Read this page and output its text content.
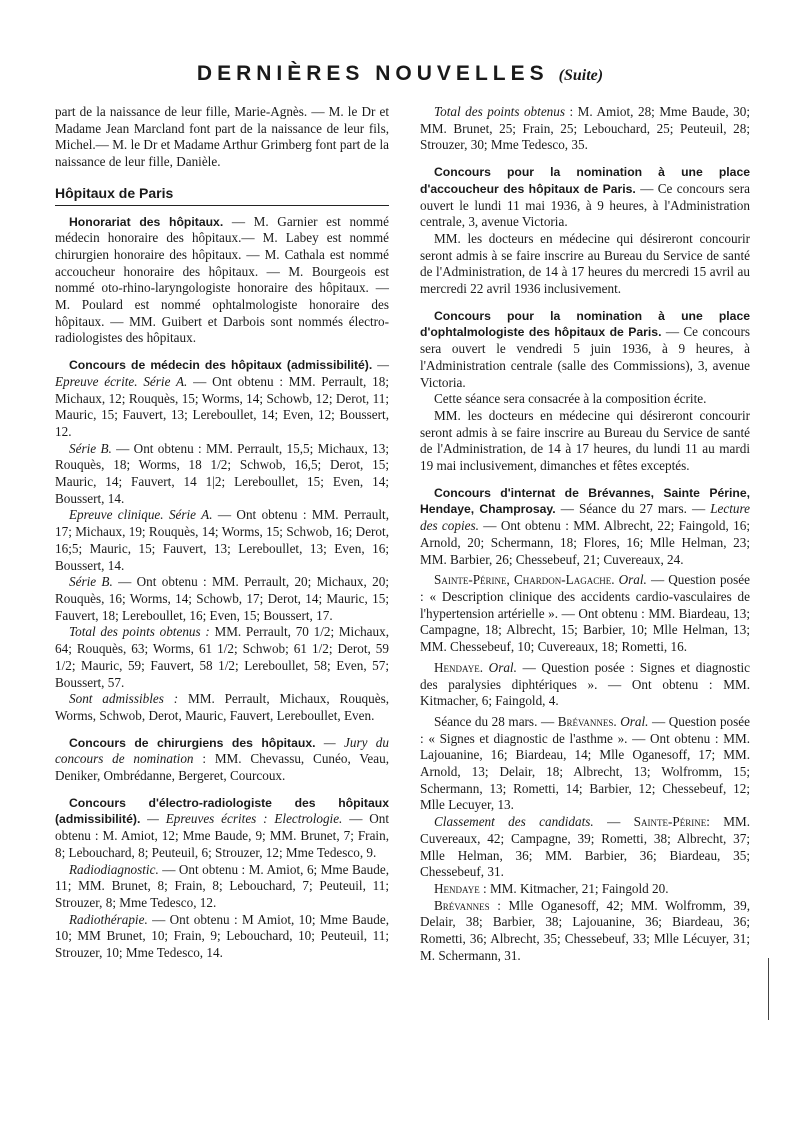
DERNIÈRES NOUVELLES (Suite)

part de la naissance de leur fille, Marie-Agnès. — M. le Dr et Madame Jean Marcland font part de la naissance de leur fils, Michel.— M. le Dr et Madame Arthur Grimberg font part de la naissance de leur fille, Danièle.

Hôpitaux de Paris

Honorariat des hôpitaux. — M. Garnier est nommé médecin honoraire des hôpitaux.— M. Labey est nommé chirurgien honoraire des hôpitaux. — M. Cathala est nommé accoucheur honoraire des hôpitaux. — M. Bourgeois est nommé oto-rhino-laryngologiste honoraire des hôpitaux. — M. Poulard est nommé ophtalmologiste honoraire des hôpitaux. — MM. Guibert et Darbois sont nommés électro-radiologistes des hôpitaux.

Concours de médecin des hôpitaux (admissibilité). — Epreuve écrite. Série A. — Ont obtenu : MM. Perrault, 18; Michaux, 12; Rouquès, 15; Worms, 14; Schowb, 12; Derot, 11; Mauric, 15; Fauvert, 13; Lereboullet, 14; Even, 12; Boussert, 12.

Série B. — Ont obtenu : MM. Perrault, 15,5; Michaux, 13; Rouquès, 18; Worms, 18 1/2; Schwob, 16,5; Derot, 15; Mauric, 14; Fauvert, 14 1|2; Lereboullet, 15; Even, 14; Boussert, 14.

Epreuve clinique. Série A. — Ont obtenu : MM. Perrault, 17; Michaux, 19; Rouquès, 14; Worms, 15; Schwob, 16; Derot, 16;5; Mauric, 15; Fauvert, 13; Lereboullet, 13; Even, 16; Boussert, 14.

Série B. — Ont obtenu : MM. Perrault, 20; Michaux, 20; Rouquès, 16; Worms, 14; Schowb, 17; Derot, 14; Mauric, 15; Fauvert, 18; Lereboullet, 16; Even, 15; Boussert, 17.

Total des points obtenus : MM. Perrault, 70 1/2; Michaux, 64; Rouquès, 63; Worms, 61 1/2; Schwob; 61 1/2; Derot, 59 1/2; Mauric, 59; Fauvert, 58 1/2; Lereboullet, 58; Even, 57; Boussert, 57.

Sont admissibles : MM. Perrault, Michaux, Rouquès, Worms, Schwob, Derot, Mauric, Fauvert, Lereboullet, Even.

Concours de chirurgiens des hôpitaux. — Jury du concours de nomination : MM. Chevassu, Cunéo, Veau, Deniker, Ombrédanne, Bergeret, Courcoux.

Concours d'électro-radiologiste des hôpitaux (admissibilité). — Epreuves écrites : Electrologie. — Ont obtenu : M. Amiot, 12; Mme Baude, 9; MM. Brunet, 7; Frain, 8; Lebouchard, 8; Peuteuil, 6; Strouzer, 12; Mme Tedesco, 9.

Radiodiagnostic. — Ont obtenu : M. Amiot, 6; Mme Baude, 11; MM. Brunet, 8; Frain, 8; Lebouchard, 7; Peuteuil, 11; Strouzer, 8; Mme Tedesco, 12.

Radiothérapie. — Ont obtenu : M Amiot, 10; Mme Baude, 10; MM Brunet, 10; Frain, 9; Lebouchard, 10; Peuteuil, 11; Strouzer, 10; Mme Tedesco, 14.

Total des points obtenus : M. Amiot, 28; Mme Baude, 30; MM. Brunet, 25; Frain, 25; Lebouchard, 25; Peuteuil, 28; Strouzer, 30; Mme Tedesco, 35.

Concours pour la nomination à une place d'accoucheur des hôpitaux de Paris. — Ce concours sera ouvert le lundi 11 mai 1936, à 9 heures, à l'Administration centrale, 3, avenue Victoria.

MM. les docteurs en médecine qui désireront concourir seront admis à se faire inscrire au Bureau du Service de santé de l'Administration, de 14 à 17 heures du mercredi 15 avril au mercredi 22 avril 1936 inclusivement.

Concours pour la nomination à une place d'ophtalmologiste des hôpitaux de Paris. — Ce concours sera ouvert le vendredi 5 juin 1936, à 9 heures, à l'Administration centrale (salle des Commissions), 3, avenue Victoria.

Cette séance sera consacrée à la composition écrite.

MM. les docteurs en médecine qui désireront concourir seront admis à se faire inscrire au Bureau du Service de santé de l'Administration, de 14 à 17 heures, du lundi 11 au mardi 19 mai inclusivement, dimanches et fêtes exceptés.

Concours d'internat de Brévannes, Sainte Périne, Hendaye, Champrosay. — Séance du 27 mars. — Lecture des copies. — Ont obtenu : MM. Albrecht, 22; Faingold, 16; Arnold, 20; Schermann, 18; Flores, 16; Mlle Helman, 23; MM. Barbier, 26; Chessebeuf, 21; Cuvereaux, 24.

Sainte-Périne, Chardon-Lagache. Oral. — Question posée : « Description clinique des accidents cardio-vasculaires de l'hypertension artérielle ». — Ont obtenu : MM. Biardeau, 13; Campagne, 18; Albrecht, 15; Barbier, 10; Mlle Helman, 13; MM. Chessebeuf, 10; Cuvereaux, 18; Rometti, 16.

Hendaye. Oral. — Question posée : Signes et diagnostic des paralysies diphtériques ». — Ont obtenu : MM. Kitmacher, 6; Faingold, 4.

Séance du 28 mars. — Brévannes. Oral. — Question posée : « Signes et diagnostic de l'asthme ». — Ont obtenu : MM. Lajouanine, 16; Biardeau, 14; Mlle Oganesoff, 17; MM. Arnold, 13; Delair, 18; Albrecht, 13; Wolfromm, 15; Schermann, 13; Rometti, 14; Barbier, 12; Chessebeuf, 12; Mlle Lecuyer, 13.

Classement des candidats. — Sainte-Périne: MM. Cuvereaux, 42; Campagne, 39; Rometti, 38; Albrecht, 37; Mlle Helman, 36; MM. Barbier, 36; Biardeau, 35; Chessebeuf, 31.

Hendaye : MM. Kitmacher, 21; Faingold 20.

Brévannes : Mlle Oganesoff, 42; MM. Wolfromm, 39, Delair, 38; Barbier, 38; Lajouanine, 36; Biardeau, 36; Rometti, 36; Albrecht, 35; Chessebeuf, 33; Mlle Lécuyer, 31; M. Schermann, 31.
